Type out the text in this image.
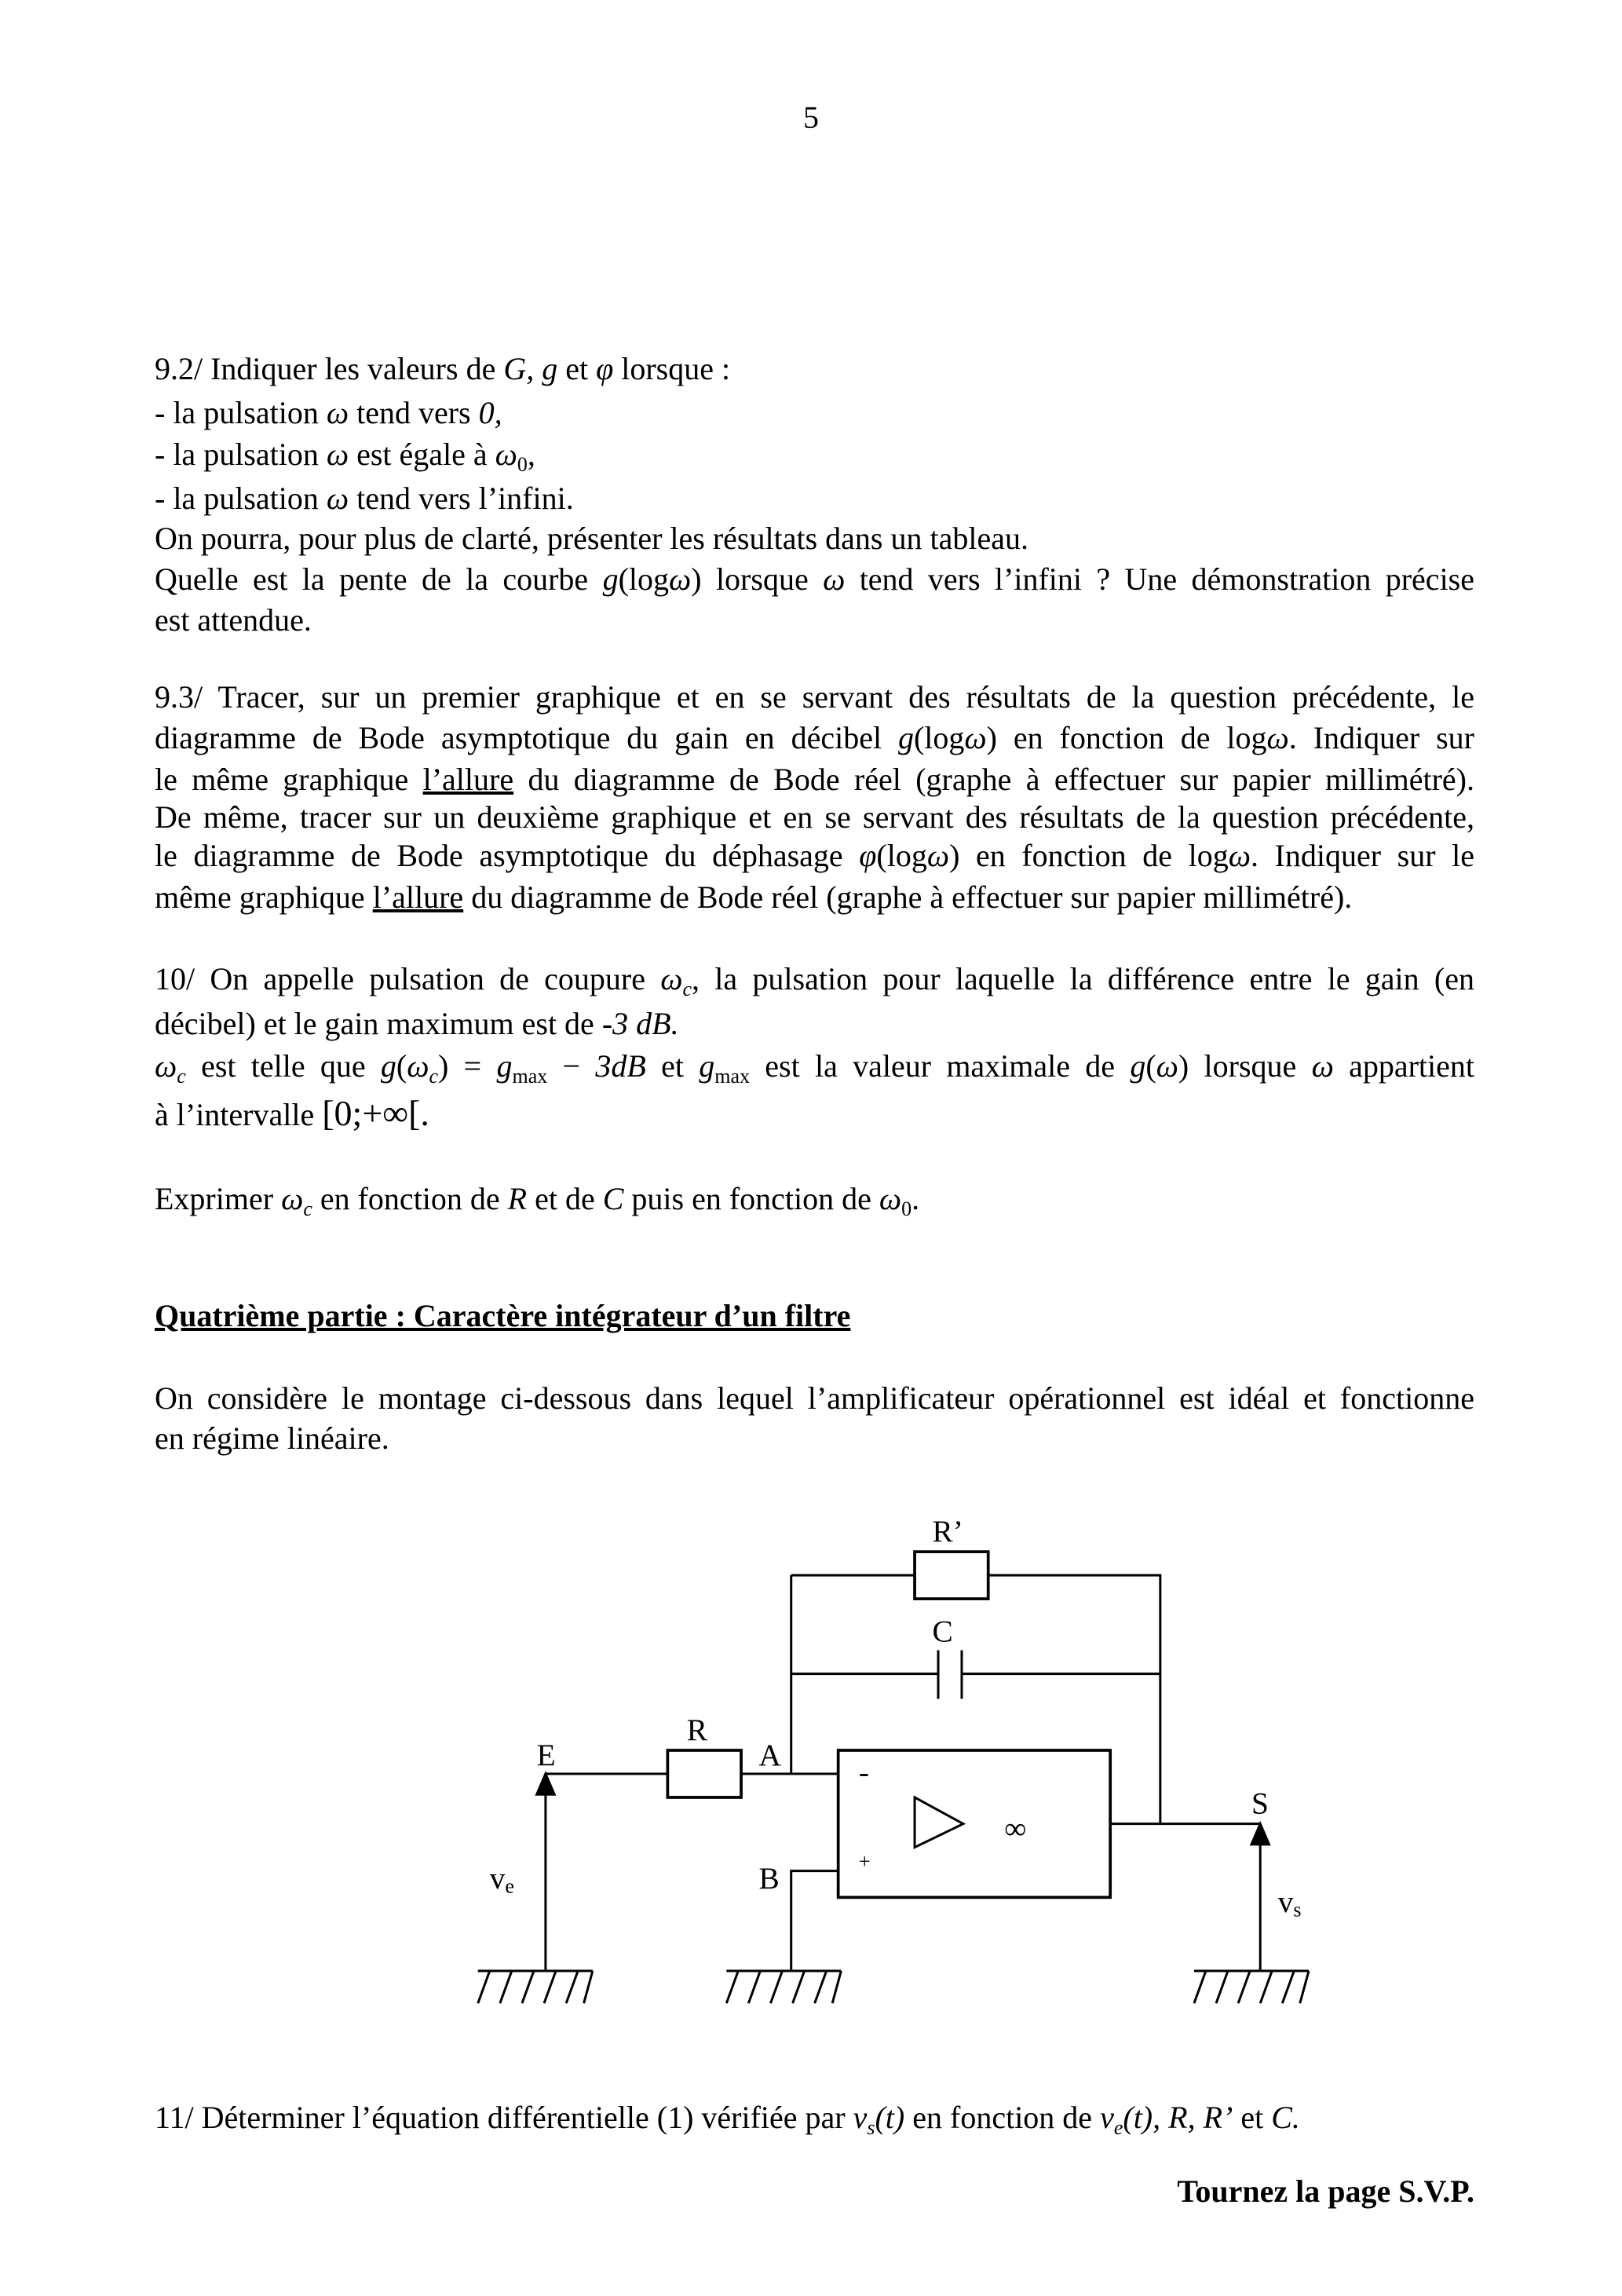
5
9.2/ Indiquer les valeurs de G, g et φ lorsque :
- la pulsation ω tend vers 0,
- la pulsation ω est égale à $\omega_0$,
- la pulsation ω tend vers l’infini.
On pourra, pour plus de clarté, présenter les résultats dans un tableau.
Quelle est la pente de la courbe g(logω) lorsque ω tend vers l’infini ? Une démonstration précise
est attendue.
9.3/ Tracer, sur un premier graphique et en se servant des résultats de la question précédente, le
diagramme de Bode asymptotique du gain en décibel g(logω) en fonction de logω. Indiquer sur
le même graphique l’allure du diagramme de Bode réel (graphe à effectuer sur papier millimétré).
De même, tracer sur un deuxième graphique et en se servant des résultats de la question précédente,
le diagramme de Bode asymptotique du déphasage φ(logω) en fonction de logω. Indiquer sur le
même graphique l’allure du diagramme de Bode réel (graphe à effectuer sur papier millimétré).
10/ On appelle pulsation de coupure $\omega_c$, la pulsation pour laquelle la différence entre le gain (en
décibel) et le gain maximum est de -3 dB.
$\omega_c$ est telle que $g(\omega_c) = g_{max} - 3dB$ et $g_{max}$ est la valeur maximale de g(ω) lorsque ω appartient
à l’intervalle [0;+∞[.
Exprimer $\omega_c$ en fonction de R et de C puis en fonction de $\omega_0$.
Quatrième partie : Caractère intégrateur d’un filtre
On considère le montage ci-dessous dans lequel l’amplificateur opérationnel est idéal et fonctionne
en régime linéaire.
R’
C
R
E	A
S
B
-
+
∞
ve	vs
11/ Déterminer l’équation différentielle (1) vérifiée par $v_s(t)$ en fonction de $v_e(t)$, R, R’ et C.
Tournez la page S.V.P.
